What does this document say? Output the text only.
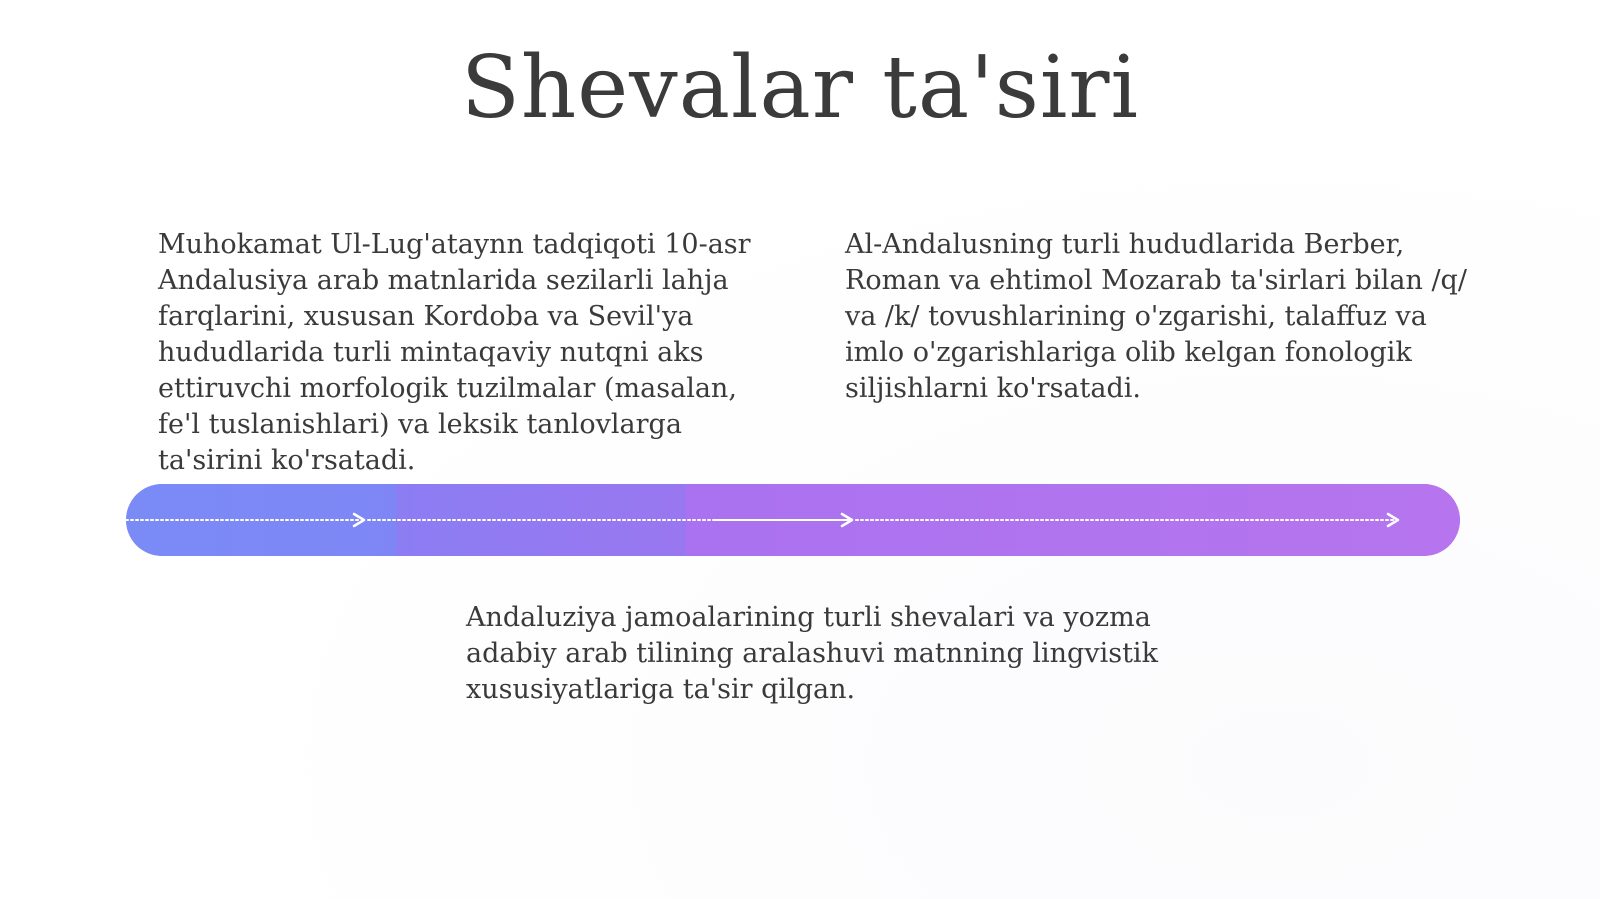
Shevalar ta'siri

Muhokamat Ul-Lug'ataynn tadqiqoti 10-asr Andalusiya arab matnlarida sezilarli lahja farqlarini, xususan Kordoba va Sevil'ya hududlarida turli mintaqaviy nutqni aks ettiruvchi morfologik tuzilmalar (masalan, fe'l tuslanishlari) va leksik tanlovlarga ta'sirini ko'rsatadi.

Al-Andalusning turli hududlarida Berber, Roman va ehtimol Mozarab ta'sirlari bilan /q/ va /k/ tovushlarining o'zgarishi, talaffuz va imlo o'zgarishlariga olib kelgan fonologik siljishlarni ko'rsatadi.

Andaluziya jamoalarining turli shevalari va yozma adabiy arab tilining aralashuvi matnning lingvistik xususiyatlariga ta'sir qilgan.
